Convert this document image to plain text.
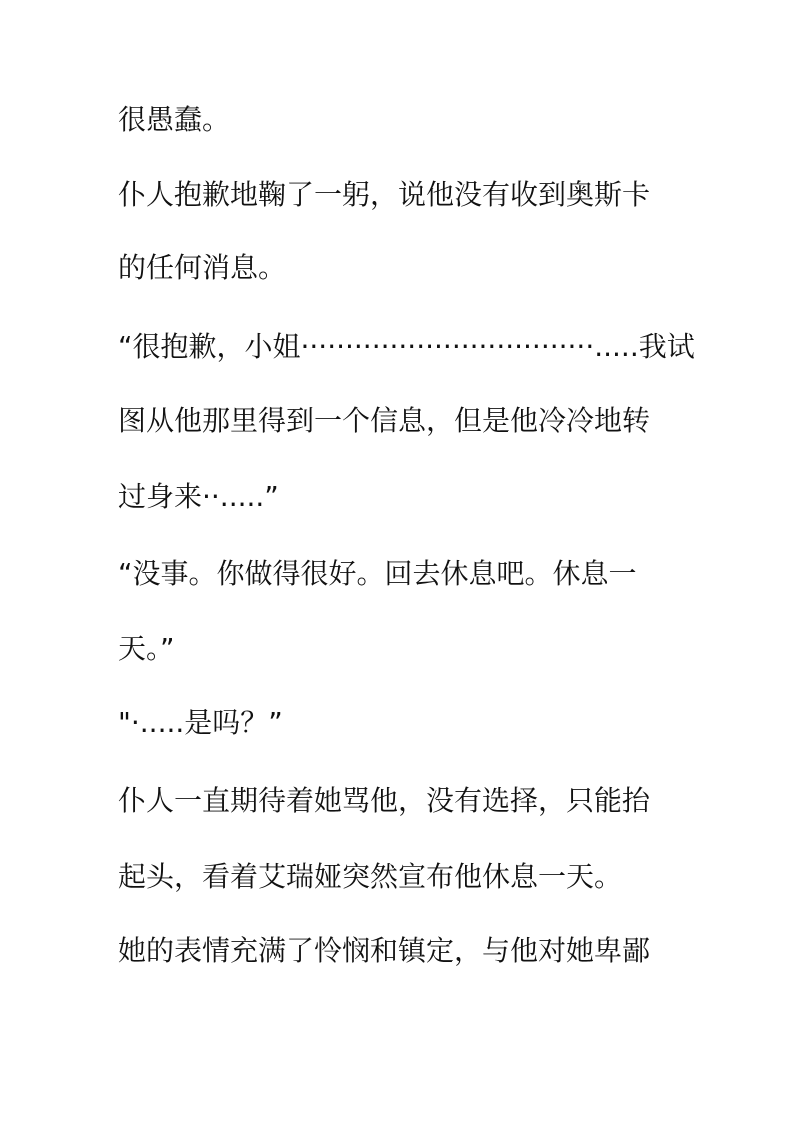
很愚蠢。
仆人抱歉地鞠了一躬，说他没有收到奥斯卡
的任何消息。
“很抱歉，小姐·································.....我试
图从他那里得到一个信息，但是他冷冷地转
过身来··.....”
“没事。你做得很好。回去休息吧。休息一
天。”
"·.....是吗？”
仆人一直期待着她骂他，没有选择，只能抬
起头，看着艾瑞娅突然宣布他休息一天。
她的表情充满了怜悯和镇定，与他对她卑鄙
